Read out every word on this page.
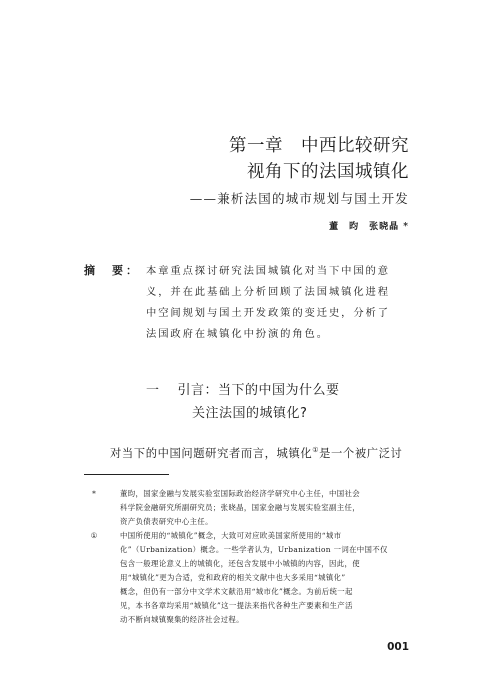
第一章　中西比较研究
视角下的法国城镇化
——兼析法国的城市规划与国土开发
董　昀　张晓晶 *
摘　要： 本章重点探讨研究法国城镇化对当下中国的意
义，并在此基础上分析回顾了法国城镇化进程
中空间规划与国土开发政策的变迁史，分析了
法国政府在城镇化中扮演的角色。
一 引言：当下的中国为什么要
关注法国的城镇化?
对当下的中国问题研究者而言，城镇化①是一个被广泛讨
*	董昀，国家金融与发展实验室国际政治经济学研究中心主任，中国社会
科学院金融研究所副研究员；张晓晶，国家金融与发展实验室副主任，
资产负债表研究中心主任。
①	中国所使用的“城镇化”概念，大致可对应欧美国家所使用的“城市
化”（Urbanization）概念。一些学者认为，Urbanization 一词在中国不仅
包含一般理论意义上的城镇化，还包含发展中小城镇的内容，因此，使
用“城镇化”更为合适，党和政府的相关文献中也大多采用“城镇化”
概念，但仍有一部分中文学术文献沿用“城市化”概念。为前后统一起
见，本书各章均采用“城镇化”这一提法来指代各种生产要素和生产活
动不断向城镇聚集的经济社会过程。
001
